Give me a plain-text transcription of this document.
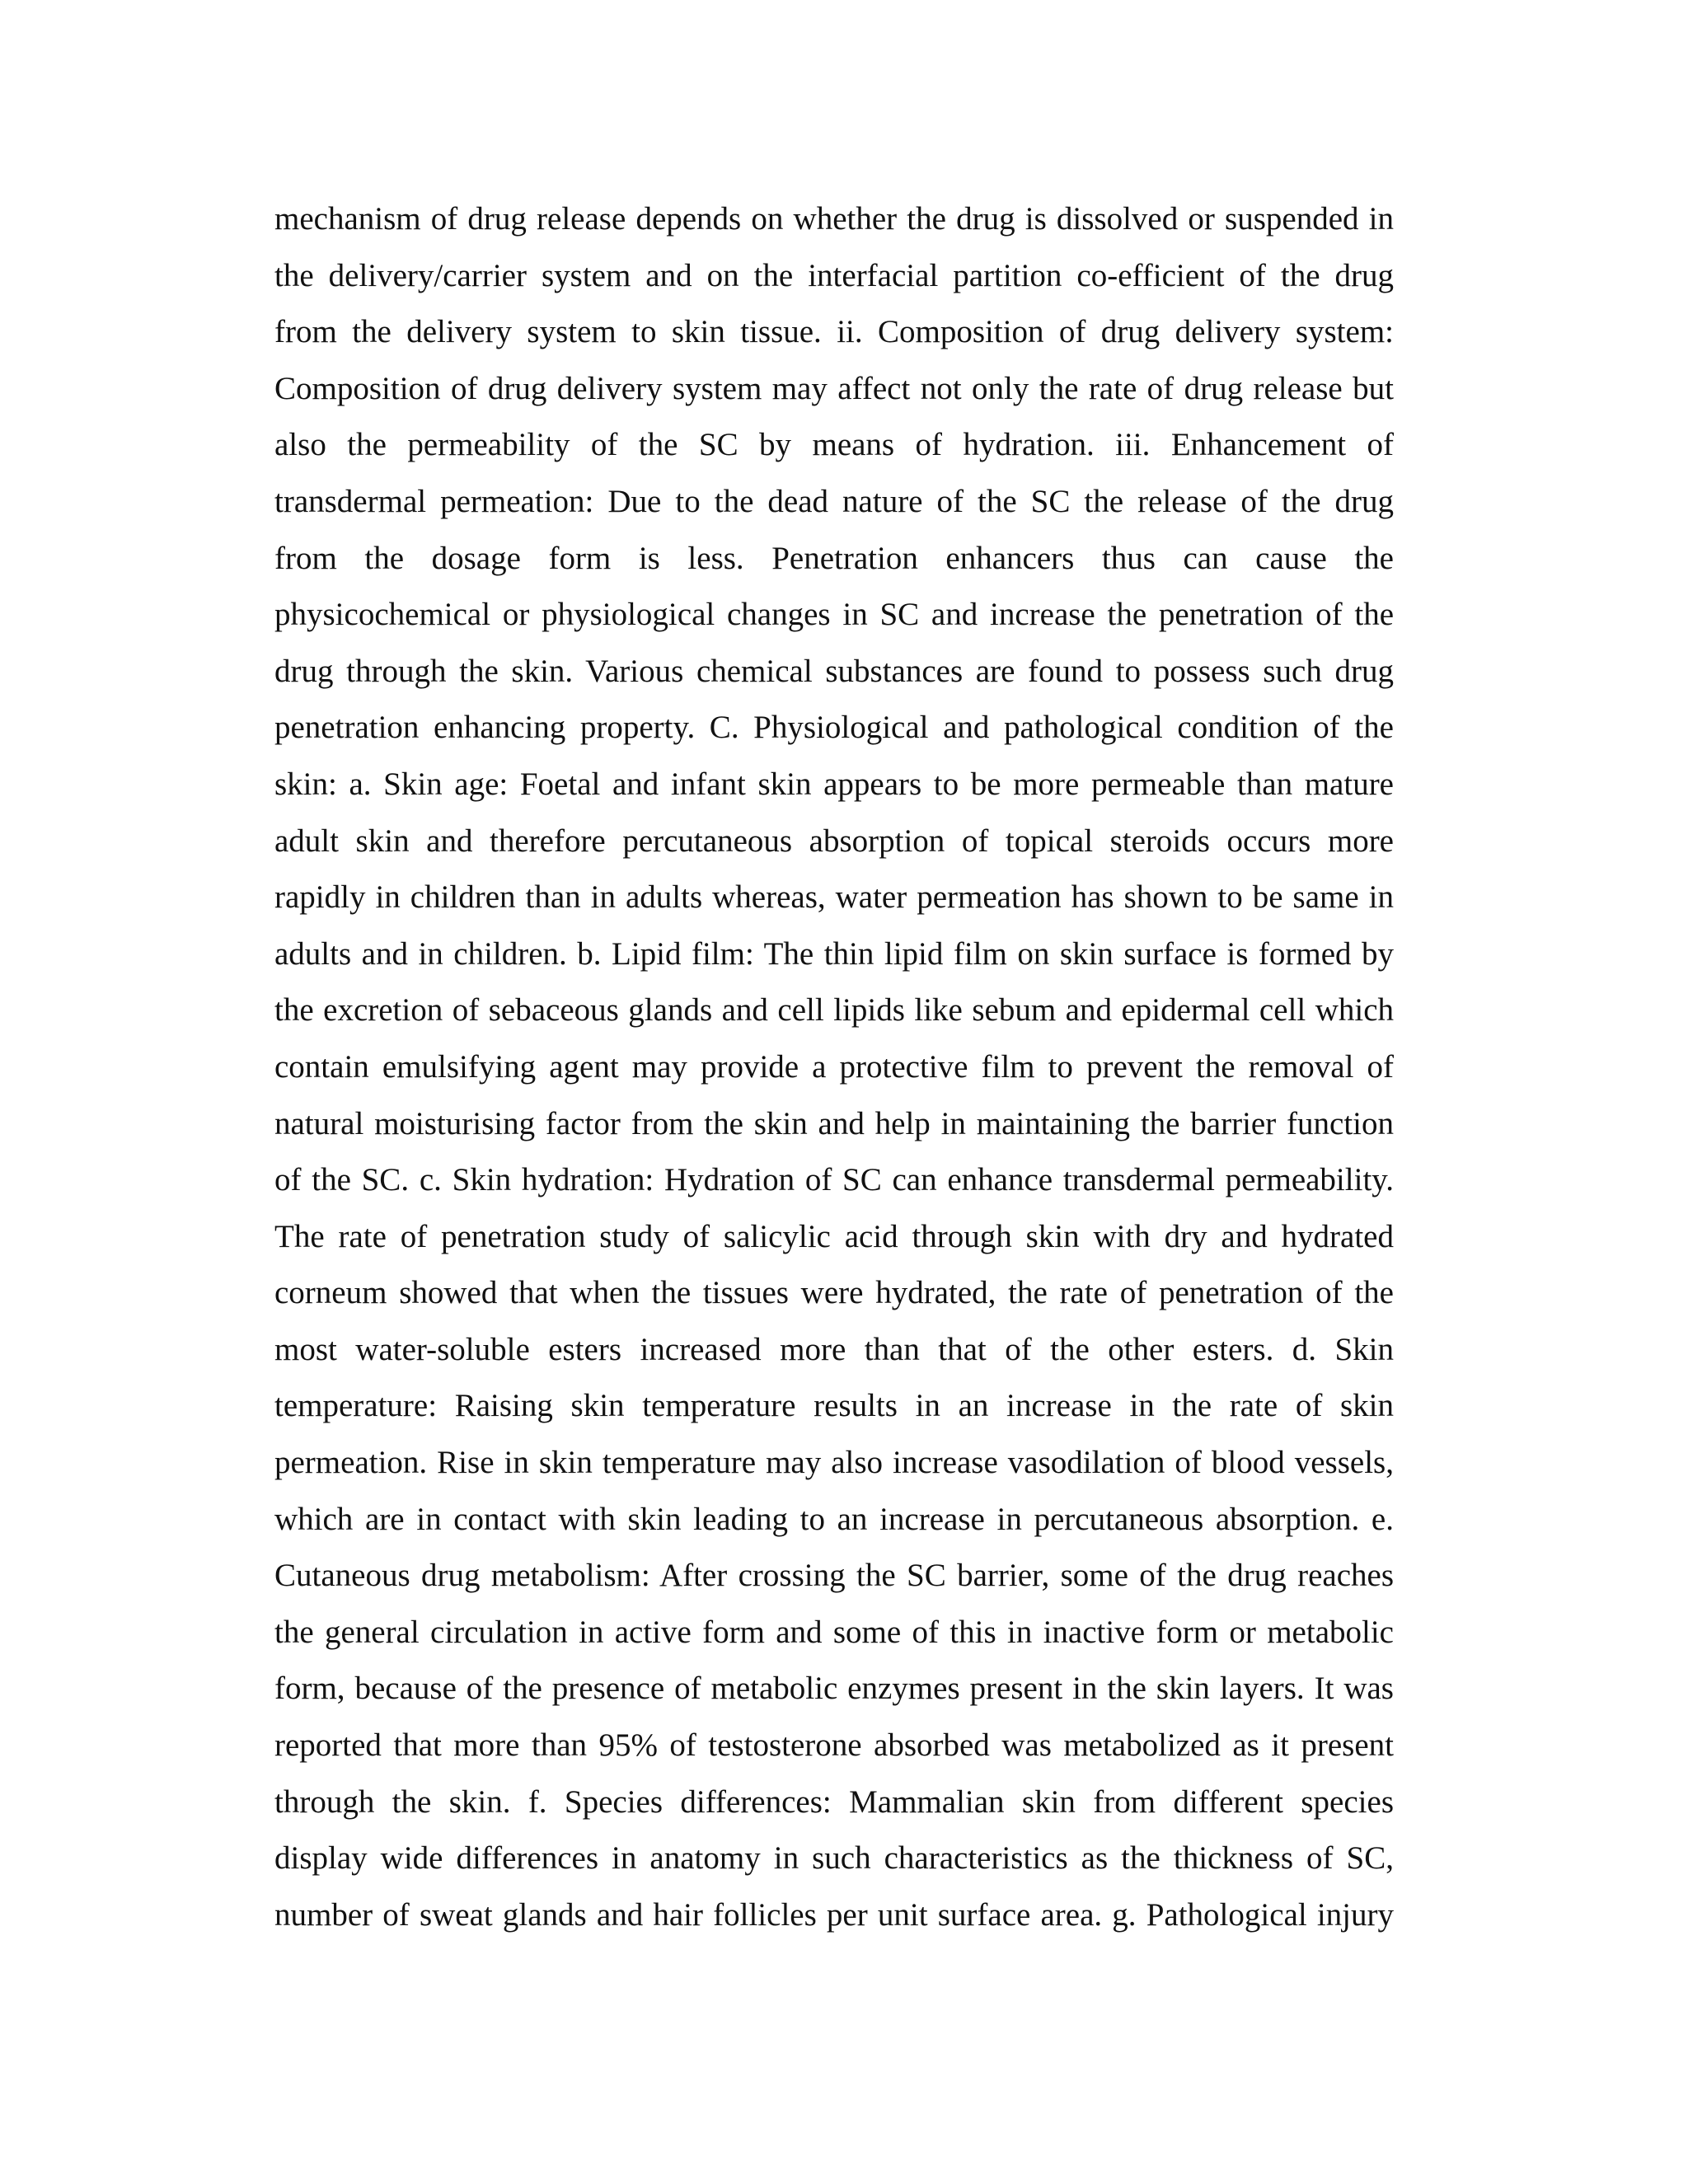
mechanism of drug release depends on whether the drug is dissolved or suspended in
the delivery/carrier system and on the interfacial partition co-efficient of the drug
from the delivery system to skin tissue. ii. Composition of drug delivery system:
Composition of drug delivery system may affect not only the rate of drug release but
also the permeability of the SC by means of hydration. iii. Enhancement of
transdermal permeation: Due to the dead nature of the SC the release of the drug
from the dosage form is less. Penetration enhancers thus can cause the
physicochemical or physiological changes in SC and increase the penetration of the
drug through the skin. Various chemical substances are found to possess such drug
penetration enhancing property. C. Physiological and pathological condition of the
skin: a. Skin age: Foetal and infant skin appears to be more permeable than mature
adult skin and therefore percutaneous absorption of topical steroids occurs more
rapidly in children than in adults whereas, water permeation has shown to be same in
adults and in children. b. Lipid film: The thin lipid film on skin surface is formed by
the excretion of sebaceous glands and cell lipids like sebum and epidermal cell which
contain emulsifying agent may provide a protective film to prevent the removal of
natural moisturising factor from the skin and help in maintaining the barrier function
of the SC. c. Skin hydration: Hydration of SC can enhance transdermal permeability.
The rate of penetration study of salicylic acid through skin with dry and hydrated
corneum showed that when the tissues were hydrated, the rate of penetration of the
most water-soluble esters increased more than that of the other esters. d. Skin
temperature: Raising skin temperature results in an increase in the rate of skin
permeation. Rise in skin temperature may also increase vasodilation of blood vessels,
which are in contact with skin leading to an increase in percutaneous absorption. e.
Cutaneous drug metabolism: After crossing the SC barrier, some of the drug reaches
the general circulation in active form and some of this in inactive form or metabolic
form, because of the presence of metabolic enzymes present in the skin layers. It was
reported that more than 95% of testosterone absorbed was metabolized as it present
through the skin. f. Species differences: Mammalian skin from different species
display wide differences in anatomy in such characteristics as the thickness of SC,
number of sweat glands and hair follicles per unit surface area. g. Pathological injury
